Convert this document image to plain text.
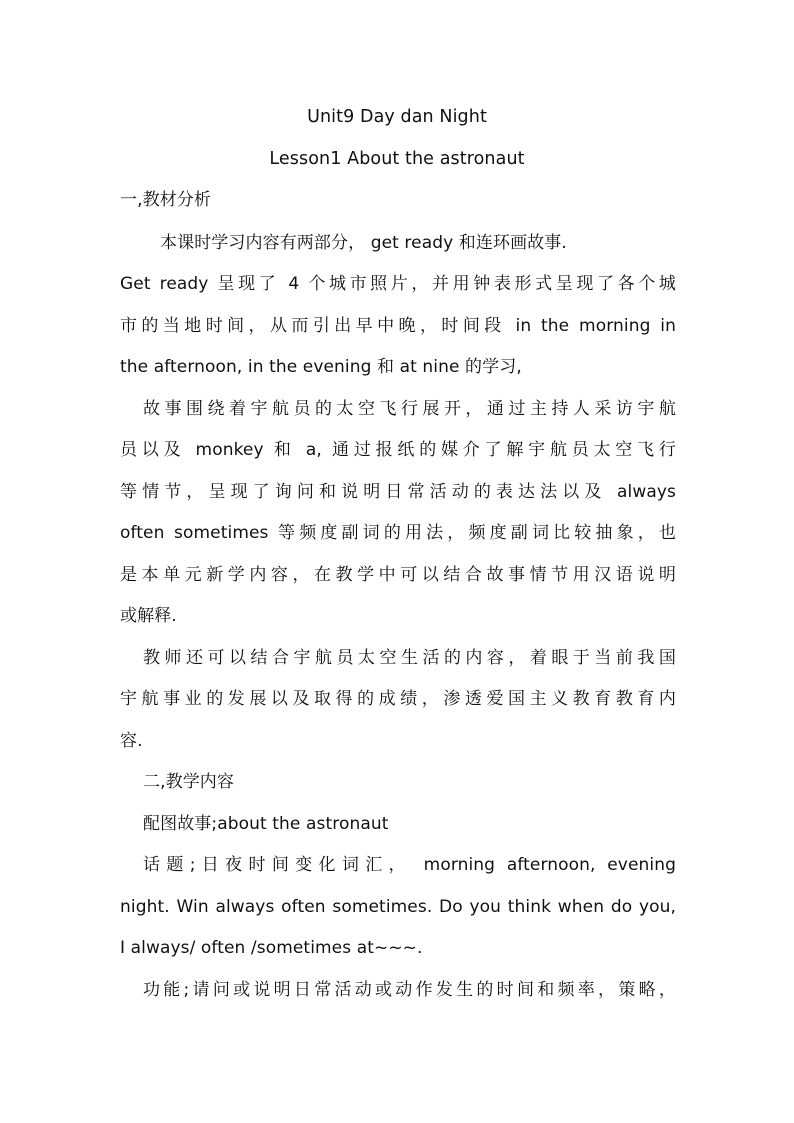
Unit9 Day dan Night
Lesson1 About the astronaut
一,教材分析
本课时学习内容有两部分， get ready 和连环画故事.
Get ready 呈现了 4 个城市照片，并用钟表形式呈现了各个城
市的当地时间，从而引出早中晚，时间段 in the morning in
the afternoon, in the evening 和 at nine 的学习,
故事围绕着宇航员的太空飞行展开，通过主持人采访宇航
员以及 monkey 和 a, 通过报纸的媒介了解宇航员太空飞行
等情节，呈现了询问和说明日常活动的表达法以及 always
often sometimes 等频度副词的用法，频度副词比较抽象，也
是本单元新学内容，在教学中可以结合故事情节用汉语说明
或解释.
教师还可以结合宇航员太空生活的内容，着眼于当前我国
宇航事业的发展以及取得的成绩，渗透爱国主义教育教育内
容.
二,教学内容
配图故事;about the astronaut
话题;日夜时间变化词汇， morning afternoon, evening
night. Win always often sometimes. Do you think when do you,
I always/ often /sometimes at~~~.
功能;请问或说明日常活动或动作发生的时间和频率，策略，
